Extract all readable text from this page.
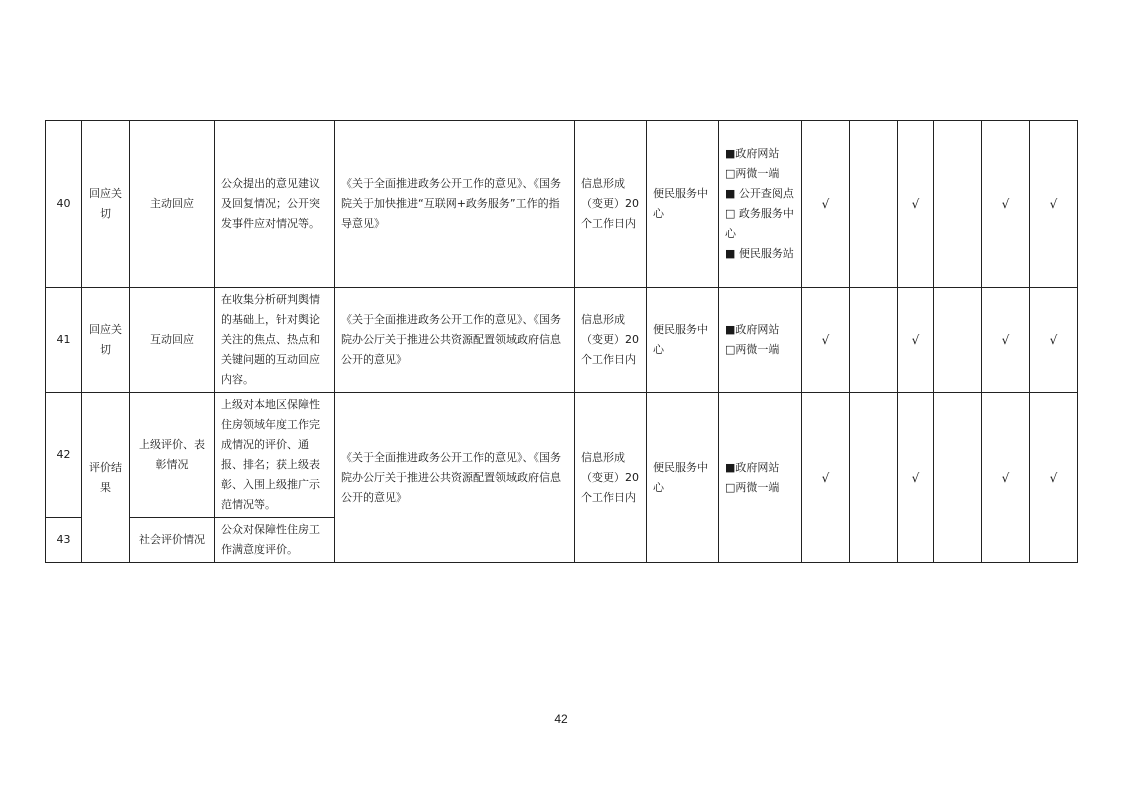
40	回应关切	主动回应	公众提出的意见建议及回复情况；公开突发事件应对情况等。	《关于全面推进政务公开工作的意见》、《国务院关于加快推进“互联网+政务服务”工作的指导意见》	信息形成（变更）20个工作日内	便民服务中心	■政府网站
□两微一端
■ 公开查阅点
□ 政务服务中心
■ 便民服务站	√		√		√	√
41	回应关切	互动回应	在收集分析研判舆情的基础上，针对舆论关注的焦点、热点和关键问题的互动回应内容。	《关于全面推进政务公开工作的意见》、《国务院办公厅关于推进公共资源配置领域政府信息公开的意见》	信息形成（变更）20个工作日内	便民服务中心	■政府网站
□两微一端	√		√		√	√
42	评价结果	上级评价、表彰情况	上级对本地区保障性住房领域年度工作完成情况的评价、通报、排名；获上级表彰、入围上级推广示范情况等。	《关于全面推进政务公开工作的意见》、《国务院办公厅关于推进公共资源配置领域政府信息公开的意见》	信息形成（变更）20个工作日内	便民服务中心	■政府网站
□两微一端	√		√		√	√
43		社会评价情况	公众对保障性住房工作满意度评价。										
42
